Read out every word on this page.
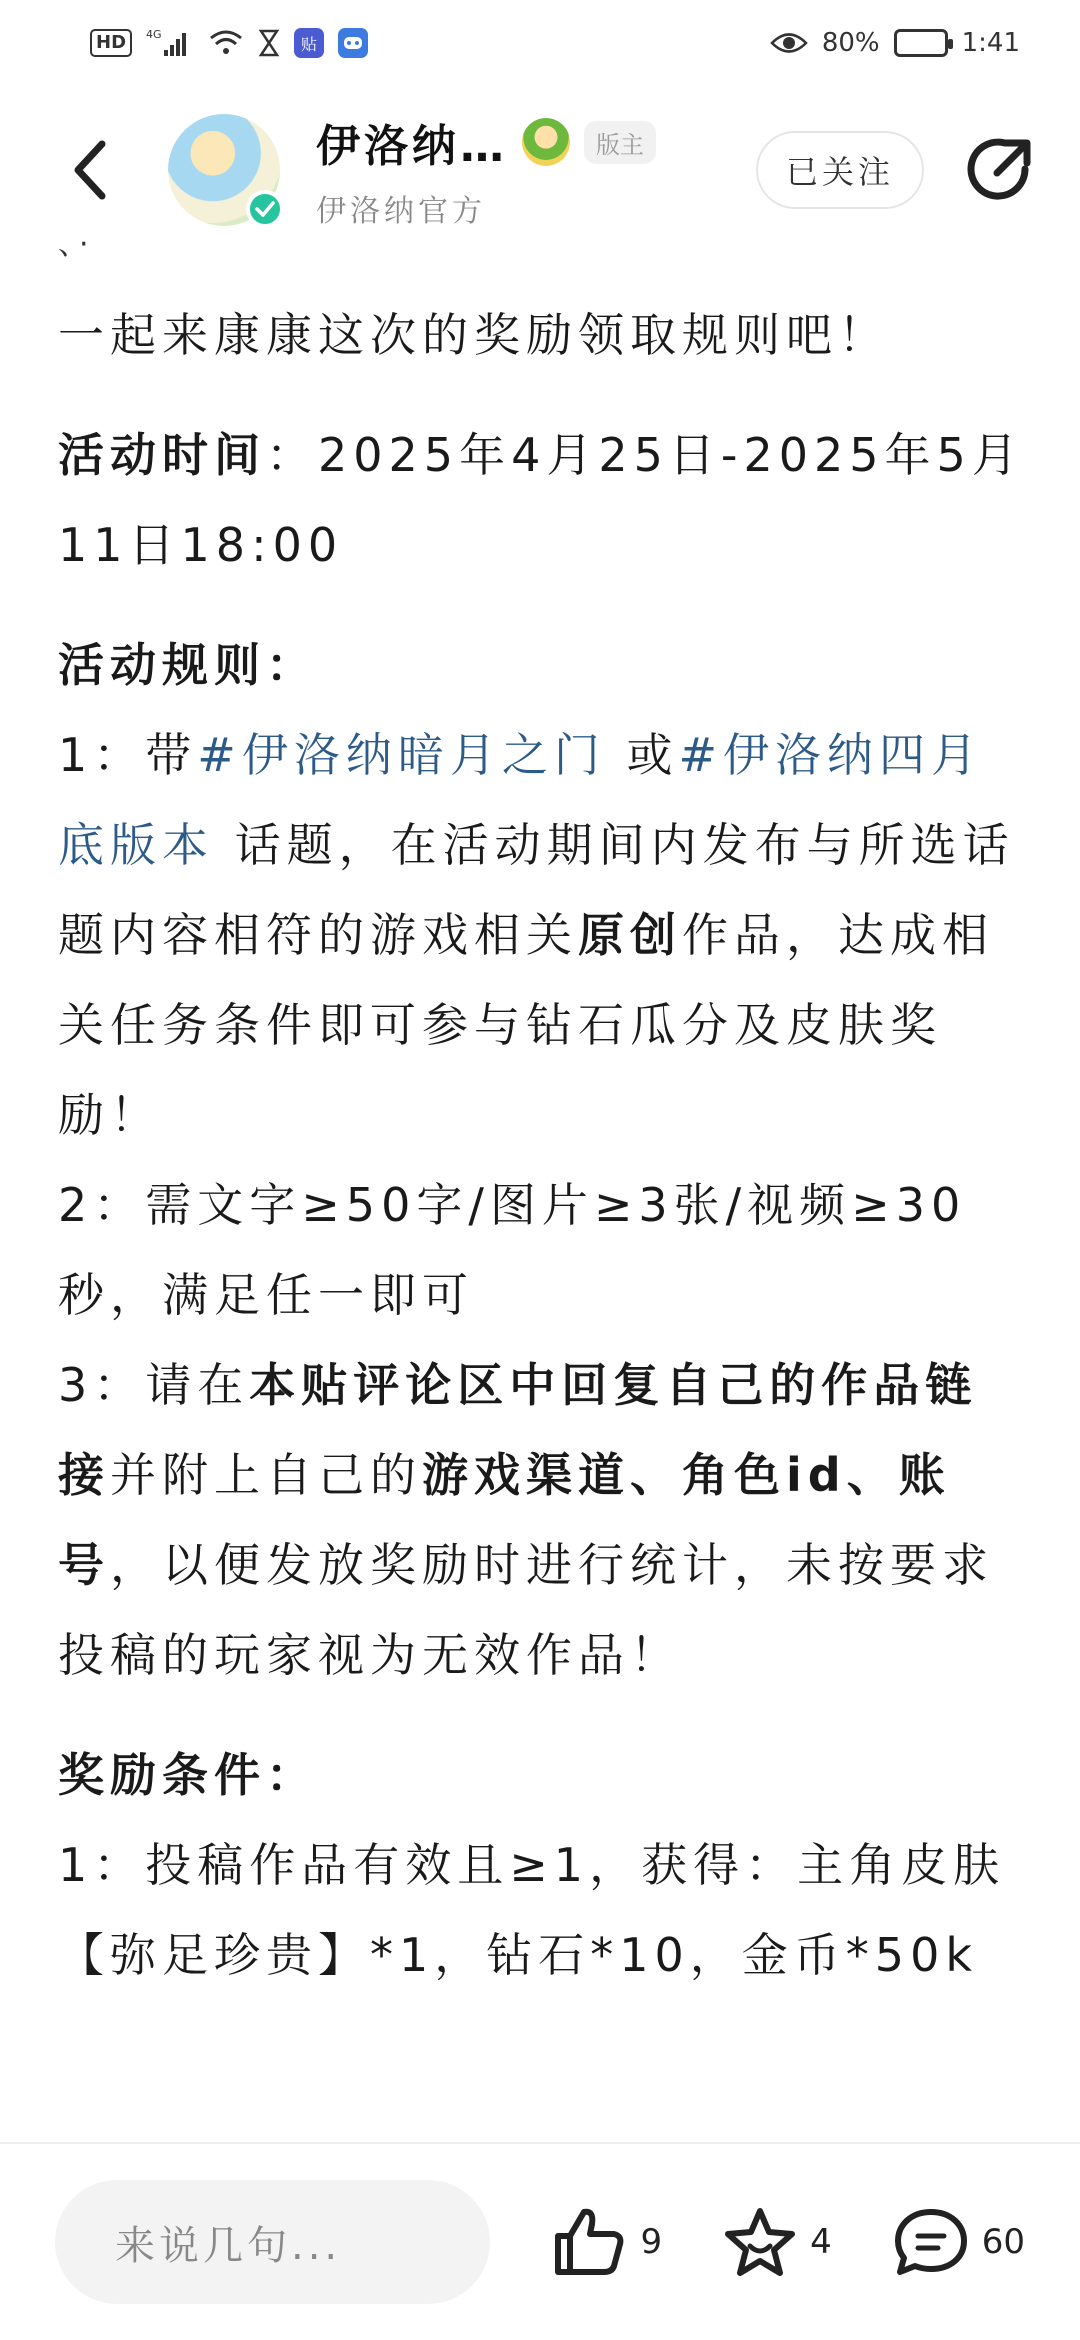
HD	4G	贴	80%	1:41
伊洛纳…	版主
伊洛纳官方
已关注
、·

一起来康康这次的奖励领取规则吧！

活动时间：2025年4月25日-2025年5月11日18:00

活动规则：

1：带#伊洛纳暗月之门 或#伊洛纳四月底版本 话题，在活动期间内发布与所选话题内容相符的游戏相关原创作品，达成相关任务条件即可参与钻石瓜分及皮肤奖励！

2：需文字≥50字/图片≥3张/视频≥30秒，满足任一即可

3：请在本贴评论区中回复自己的作品链接并附上自己的游戏渠道、角色id、账号，以便发放奖励时进行统计，未按要求投稿的玩家视为无效作品！

奖励条件：

1：投稿作品有效且≥1，获得：主角皮肤【弥足珍贵】*1，钻石*10，金币*50k

来说几句...	9	4	60
